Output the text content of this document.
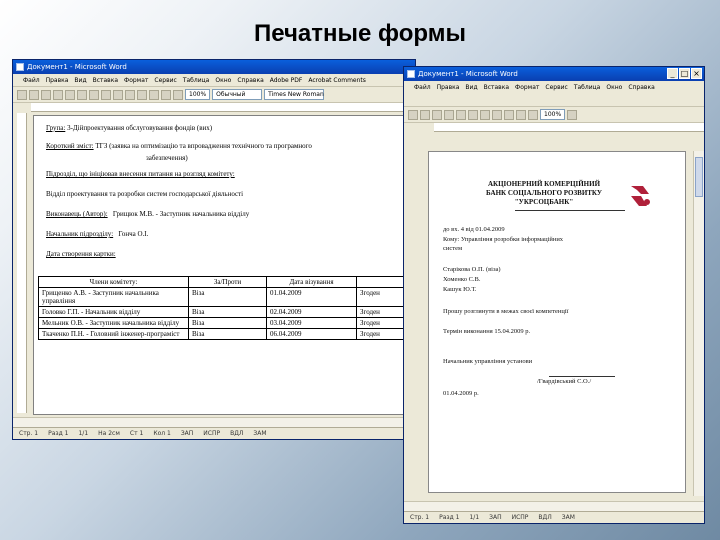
Печатные формы
Документ1 - Microsoft Word
Файл Правка Вид Вставка Формат Сервис Таблица Окно Справка Adobe PDF Acrobat Comments
100%	Обычный	Times New Roman
Група: 3-Дійпроектування обслуговування фондів (вих)
Короткий зміст: ТГЗ (заявка на оптимізацію та впровадження технічного та програмного
забезпечення)
Підрозділ, що ініціював внесення питання на розгляд комітету:
Відділ проектування та розробки систем господарської діяльності
Виконавець (Автор): Грищюк М.В. - Заступник начальника відділу
Начальник підрозділу: Гонча О.І.
Дата створення картки:
Члени комітету:	За/Проти	Дата візування	
Грищенко А.В. - Заступник начальника управління	Віза	01.04.2009	Згоден
Головко Г.П. - Начальник відділу	Віза	02.04.2009	Згоден
Мельник О.В. - Заступник начальника відділу	Віза	03.04.2009	Згоден
Ткаченко П.Н. - Головний інженер-програміст	Віза	06.04.2009	Згоден
Стр. 1 Разд 1 1/1 На 2см Ст 1 Кол 1 ЗАП ИСПР ВДЛ ЗАМ
Документ1 - Microsoft Word	_ □ ×
Файл Правка Вид Вставка Формат Сервис Таблица Окно Справка
100%
АКЦІОНЕРНИЙ КОМЕРЦІЙНИЙ
БАНК СОЦІАЛЬНОГО РОЗВИТКУ
"УКРСОЦБАНК"
до вх. 4 від 01.04.2009
Кому: Управління розробки інформаційних
систем
Старікова О.П. (віза)
Хоменко С.В.
Кашук Ю.Т.
Прошу розглянути в межах своєї компетенції
Термін виконання 15.04.2009 р.
Начальник управління установи
/Гвардівський С.О./
01.04.2009 р.
Стр. 1 Разд 1 1/1 ЗАП ИСПР ВДЛ ЗАМ
